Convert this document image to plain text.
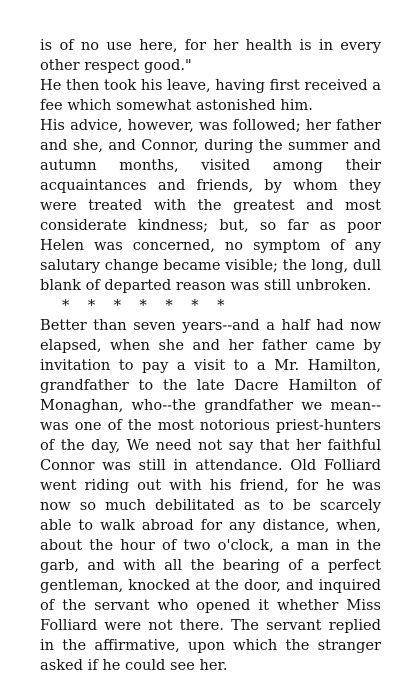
is of no use here, for her health is in every other respect good."

He then took his leave, having first received a fee which somewhat astonished him.

His advice, however, was followed; her father and she, and Connor, during the summer and autumn months, visited among their acquaintances and friends, by whom they were treated with the greatest and most considerate kindness; but, so far as poor Helen was concerned, no symptom of any salutary change became visible; the long, dull blank of departed reason was still unbroken.

*    *    *    *    *    *    *

Better than seven years--and a half had now elapsed, when she and her father came by invitation to pay a visit to a Mr. Hamilton, grandfather to the late Dacre Hamilton of Monaghan, who--the grandfather we mean--was one of the most notorious priest-hunters of the day, We need not say that her faithful Connor was still in attendance. Old Folliard went riding out with his friend, for he was now so much debilitated as to be scarcely able to walk abroad for any distance, when, about the hour of two o'clock, a man in the garb, and with all the bearing of a perfect gentleman, knocked at the door, and inquired of the servant who opened it whether Miss Folliard were not there. The servant replied in the affirmative, upon which the stranger asked if he could see her.
